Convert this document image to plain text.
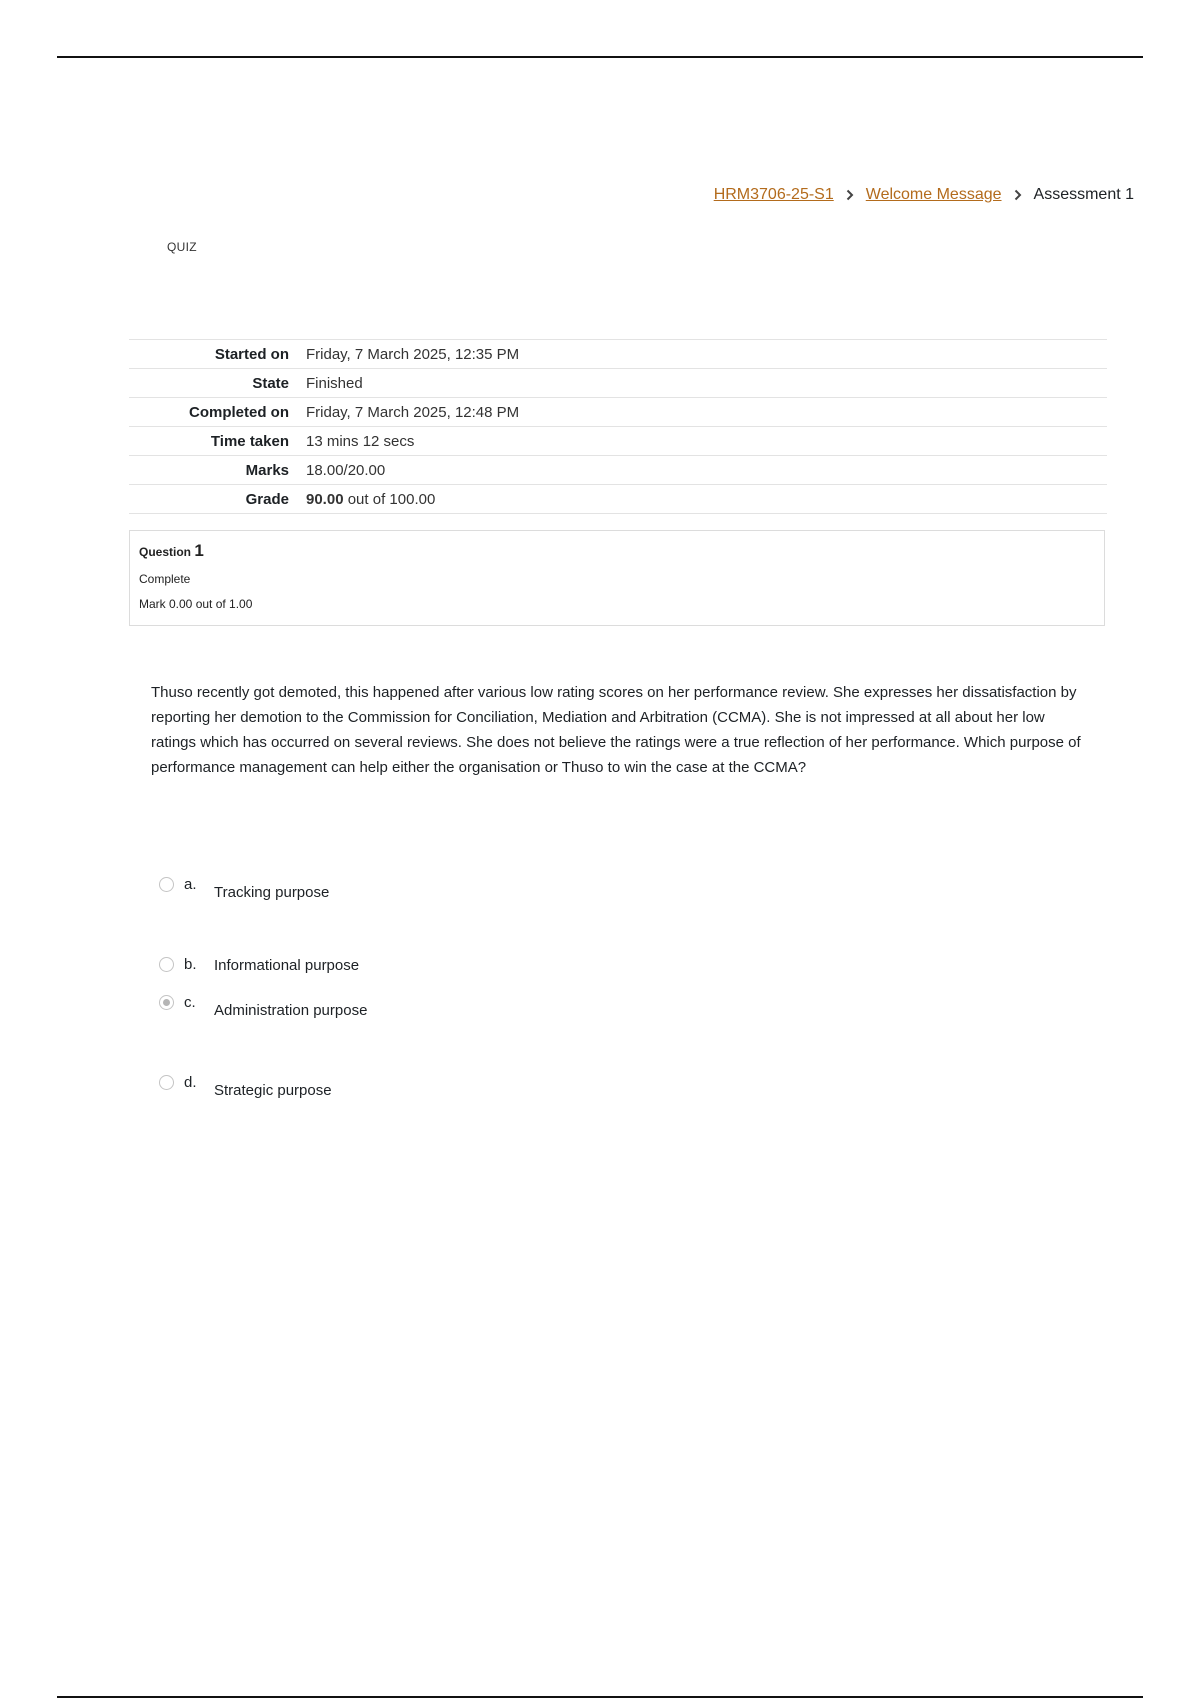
HRM3706-25-S1 Welcome Message Assessment 1
QUIZ
Started on	Friday, 7 March 2025, 12:35 PM
State	Finished
Completed on	Friday, 7 March 2025, 12:48 PM
Time taken	13 mins 12 secs
Marks	18.00/20.00
Grade	90.00 out of 100.00
Question 1
Complete
Mark 0.00 out of 1.00
Thuso recently got demoted, this happened after various low rating scores on her performance review. She expresses her dissatisfaction by reporting her demotion to the Commission for Conciliation, Mediation and Arbitration (CCMA). She is not impressed at all about her low ratings which has occurred on several reviews. She does not believe the ratings were a true reflection of her performance. Which purpose of performance management can help either the organisation or Thuso to win the case at the CCMA?
a.	Tracking purpose
b.	Informational purpose
c.	Administration purpose
d.	Strategic purpose
